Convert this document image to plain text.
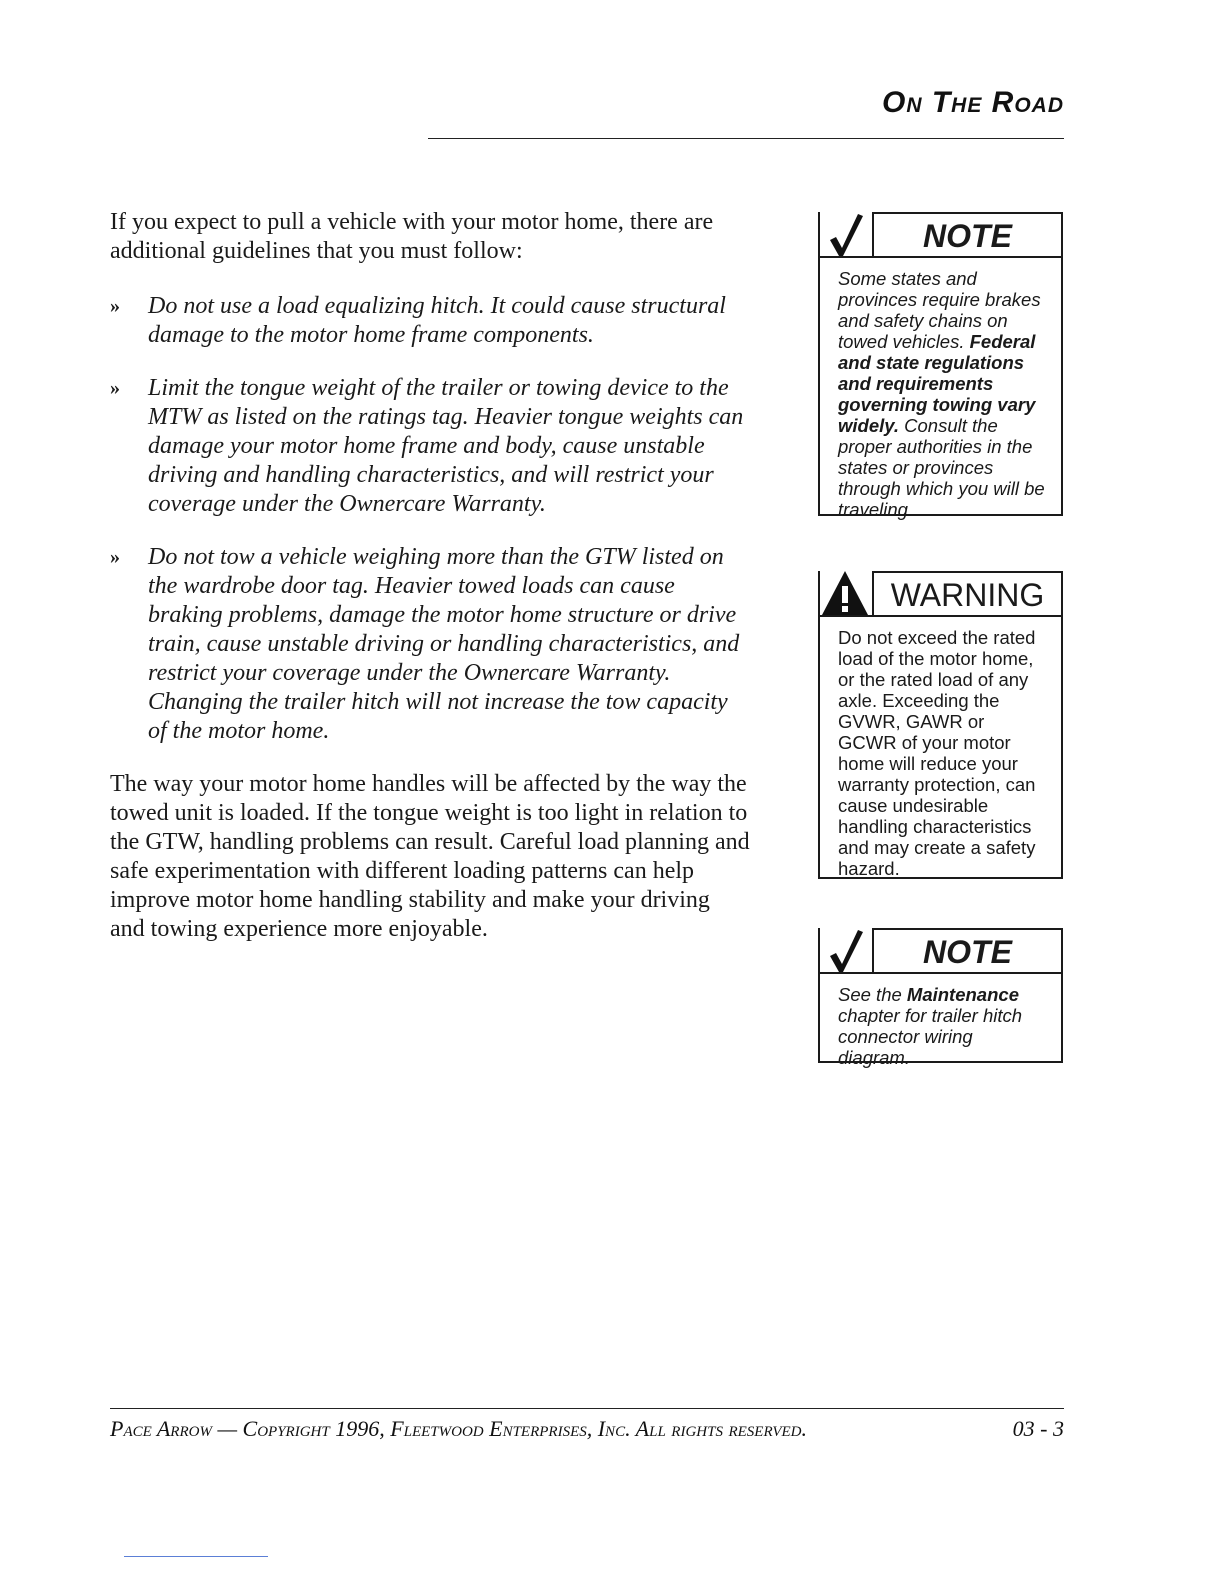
On The Road

If you expect to pull a vehicle with your motor home, there are additional guidelines that you must follow:

»	Do not use a load equalizing hitch. It could cause structural damage to the motor home frame components.
»	Limit the tongue weight of the trailer or towing device to the MTW as listed on the ratings tag. Heavier tongue weights can damage your motor home frame and body, cause unstable driving and handling characteristics, and will restrict your coverage under the Ownercare Warranty.
»	Do not tow a vehicle weighing more than the GTW listed on the wardrobe door tag. Heavier towed loads can cause braking problems, damage the motor home structure or drive train, cause unstable driving or handling characteristics, and restrict your coverage under the Ownercare Warranty. Changing the trailer hitch will not increase the tow capacity of the motor home.

The way your motor home handles will be affected by the way the towed unit is loaded. If the tongue weight is too light in relation to the GTW, handling problems can result. Careful load planning and safe experimentation with different loading patterns can help improve motor home handling stability and make your driving and towing experience more enjoyable.

NOTE
Some states and provinces require brakes and safety chains on towed vehicles. Federal and state regulations and requirements governing towing vary widely. Consult the proper authorities in the states or provinces through which you will be traveling.
WARNING
Do not exceed the rated load of the motor home, or the rated load of any axle. Exceeding the GVWR, GAWR or GCWR of your motor home will reduce your warranty protection, can cause undesirable handling characteristics and may create a safety hazard.
NOTE
See the Maintenance chapter for trailer hitch connector wiring diagram.
Pace Arrow — Copyright 1996, Fleetwood Enterprises, Inc. All rights reserved.	03 - 3
